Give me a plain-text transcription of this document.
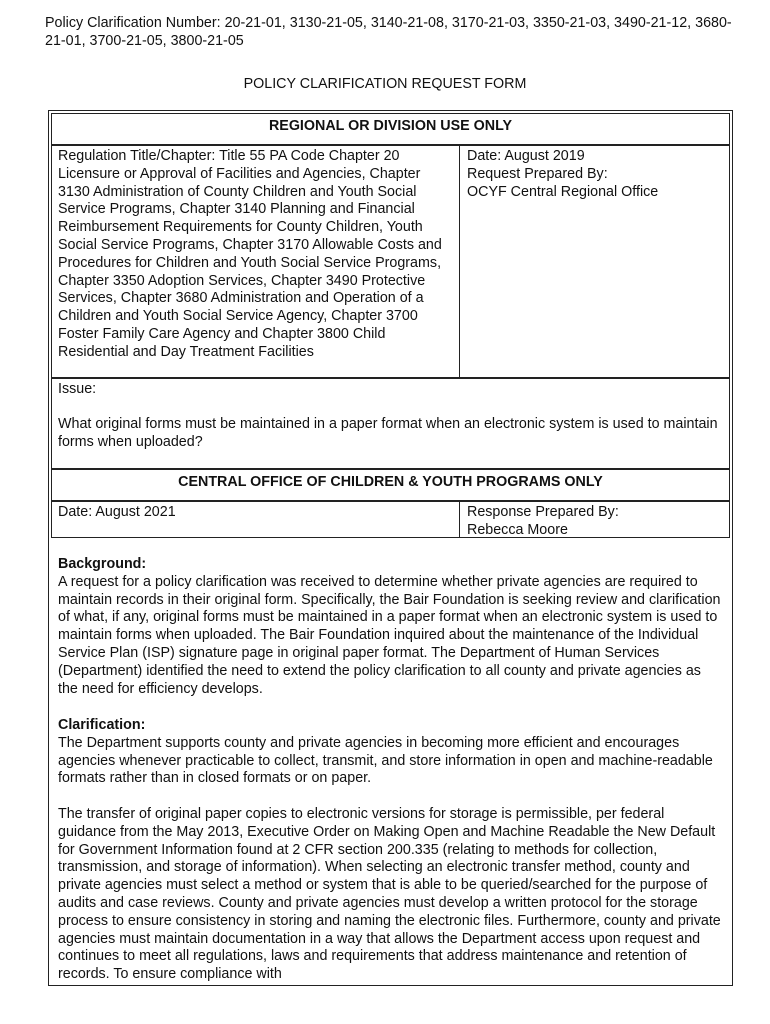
Policy Clarification Number: 20-21-01, 3130-21-05, 3140-21-08, 3170-21-03, 3350-21-03, 3490-21-12, 3680-21-01, 3700-21-05, 3800-21-05
POLICY CLARIFICATION REQUEST FORM
REGIONAL OR DIVISION USE ONLY
Regulation Title/Chapter: Title 55 PA Code Chapter 20 Licensure or Approval of Facilities and Agencies, Chapter 3130 Administration of County Children and Youth Social Service Programs, Chapter 3140 Planning and Financial Reimbursement Requirements for County Children, Youth Social Service Programs, Chapter 3170 Allowable Costs and Procedures for Children and Youth Social Service Programs, Chapter 3350 Adoption Services, Chapter 3490 Protective Services, Chapter 3680 Administration and Operation of a Children and Youth Social Service Agency, Chapter 3700 Foster Family Care Agency and Chapter 3800 Child Residential and Day Treatment Facilities
Date: August 2019
Request Prepared By:
OCYF Central Regional Office
Issue:
What original forms must be maintained in a paper format when an electronic system is used to maintain forms when uploaded?
CENTRAL OFFICE OF CHILDREN & YOUTH PROGRAMS ONLY
Date: August 2021	Response Prepared By:
Rebecca Moore

Background:

A request for a policy clarification was received to determine whether private agencies are required to maintain records in their original form. Specifically, the Bair Foundation is seeking review and clarification of what, if any, original forms must be maintained in a paper format when an electronic system is used to maintain forms when uploaded. The Bair Foundation inquired about the maintenance of the Individual Service Plan (ISP) signature page in original paper format. The Department of Human Services (Department) identified the need to extend the policy clarification to all county and private agencies as the need for efficiency develops.

Clarification:

The Department supports county and private agencies in becoming more efficient and encourages agencies whenever practicable to collect, transmit, and store information in open and machine-readable formats rather than in closed formats or on paper.

The transfer of original paper copies to electronic versions for storage is permissible, per federal guidance from the May 2013, Executive Order on Making Open and Machine Readable the New Default for Government Information found at 2 CFR section 200.335 (relating to methods for collection, transmission, and storage of information). When selecting an electronic transfer method, county and private agencies must select a method or system that is able to be queried/searched for the purpose of audits and case reviews. County and private agencies must develop a written protocol for the storage process to ensure consistency in storing and naming the electronic files. Furthermore, county and private agencies must maintain documentation in a way that allows the Department access upon request and continues to meet all regulations, laws and requirements that address maintenance and retention of records. To ensure compliance with
